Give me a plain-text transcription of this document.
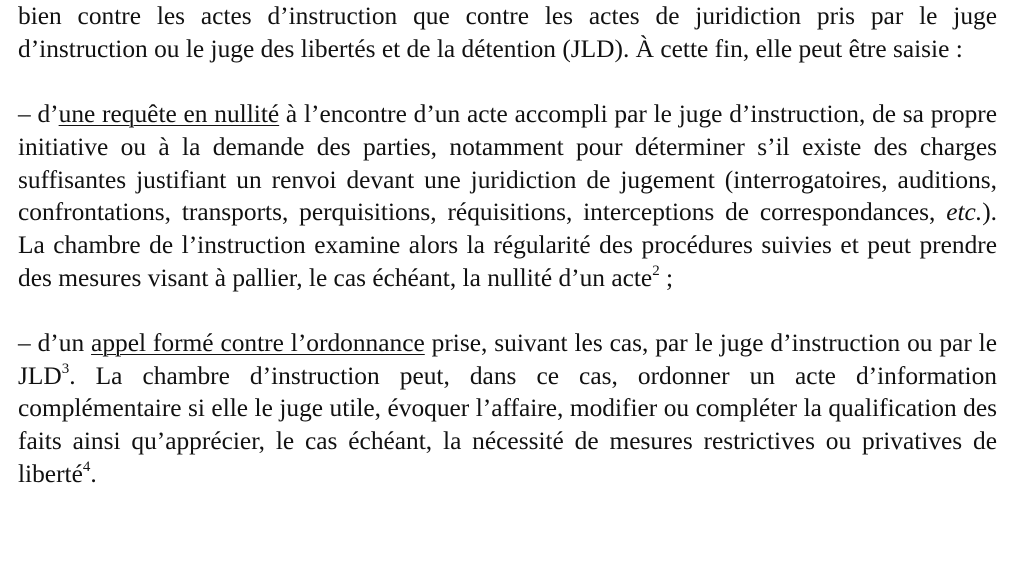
bien contre les actes d’instruction que contre les actes de juridiction pris par le juge d’instruction ou le juge des libertés et de la détention (JLD). À cette fin, elle peut être saisie :

– d’une requête en nullité à l’encontre d’un acte accompli par le juge d’instruction, de sa propre initiative ou à la demande des parties, notamment pour déterminer s’il existe des charges suffisantes justifiant un renvoi devant une juridiction de jugement (interrogatoires, auditions, confrontations, transports, perquisitions, réquisitions, interceptions de correspondances, etc.). La chambre de l’instruction examine alors la régularité des procédures suivies et peut prendre des mesures visant à pallier, le cas échéant, la nullité d’un acte$^2$ ;

– d’un appel formé contre l’ordonnance prise, suivant les cas, par le juge d’instruction ou par le JLD$^3$. La chambre d’instruction peut, dans ce cas, ordonner un acte d’information complémentaire si elle le juge utile, évoquer l’affaire, modifier ou compléter la qualification des faits ainsi qu’apprécier, le cas échéant, la nécessité de mesures restrictives ou privatives de liberté$^4$.
